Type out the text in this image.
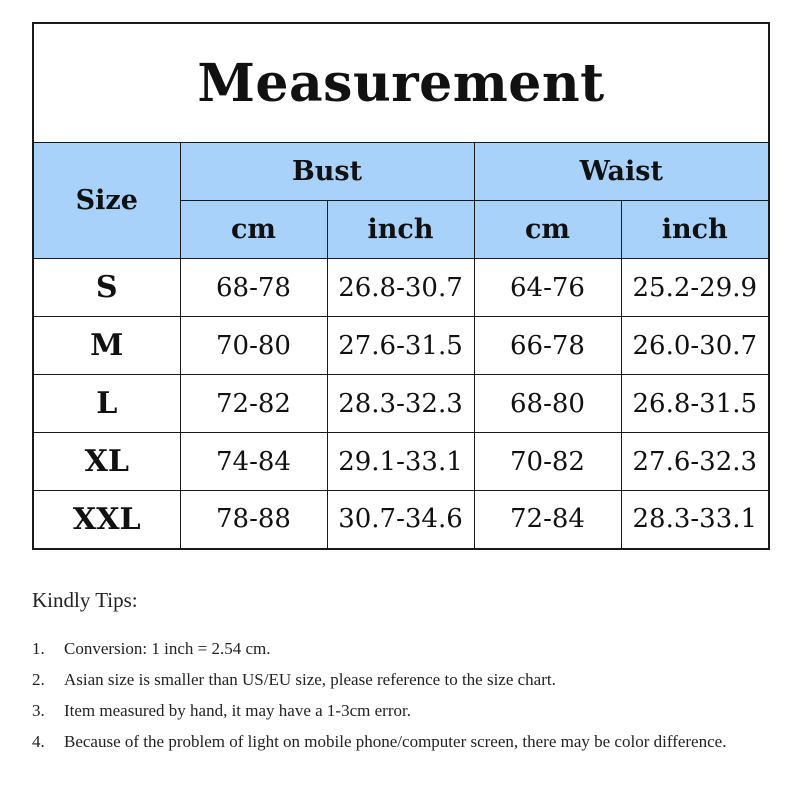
Measurement				
Size	Bust		Waist	
	cm	inch	cm	inch
S	68-78	26.8-30.7	64-76	25.2-29.9
M	70-80	27.6-31.5	66-78	26.0-30.7
L	72-82	28.3-32.3	68-80	26.8-31.5
XL	74-84	29.1-33.1	70-82	27.6-32.3
XXL	78-88	30.7-34.6	72-84	28.3-33.1
Kindly Tips:
1. Conversion: 1 inch = 2.54 cm.
2. Asian size is smaller than US/EU size, please reference to the size chart.
3. Item measured by hand, it may have a 1-3cm error.
4. Because of the problem of light on mobile phone/computer screen, there may be color difference.
